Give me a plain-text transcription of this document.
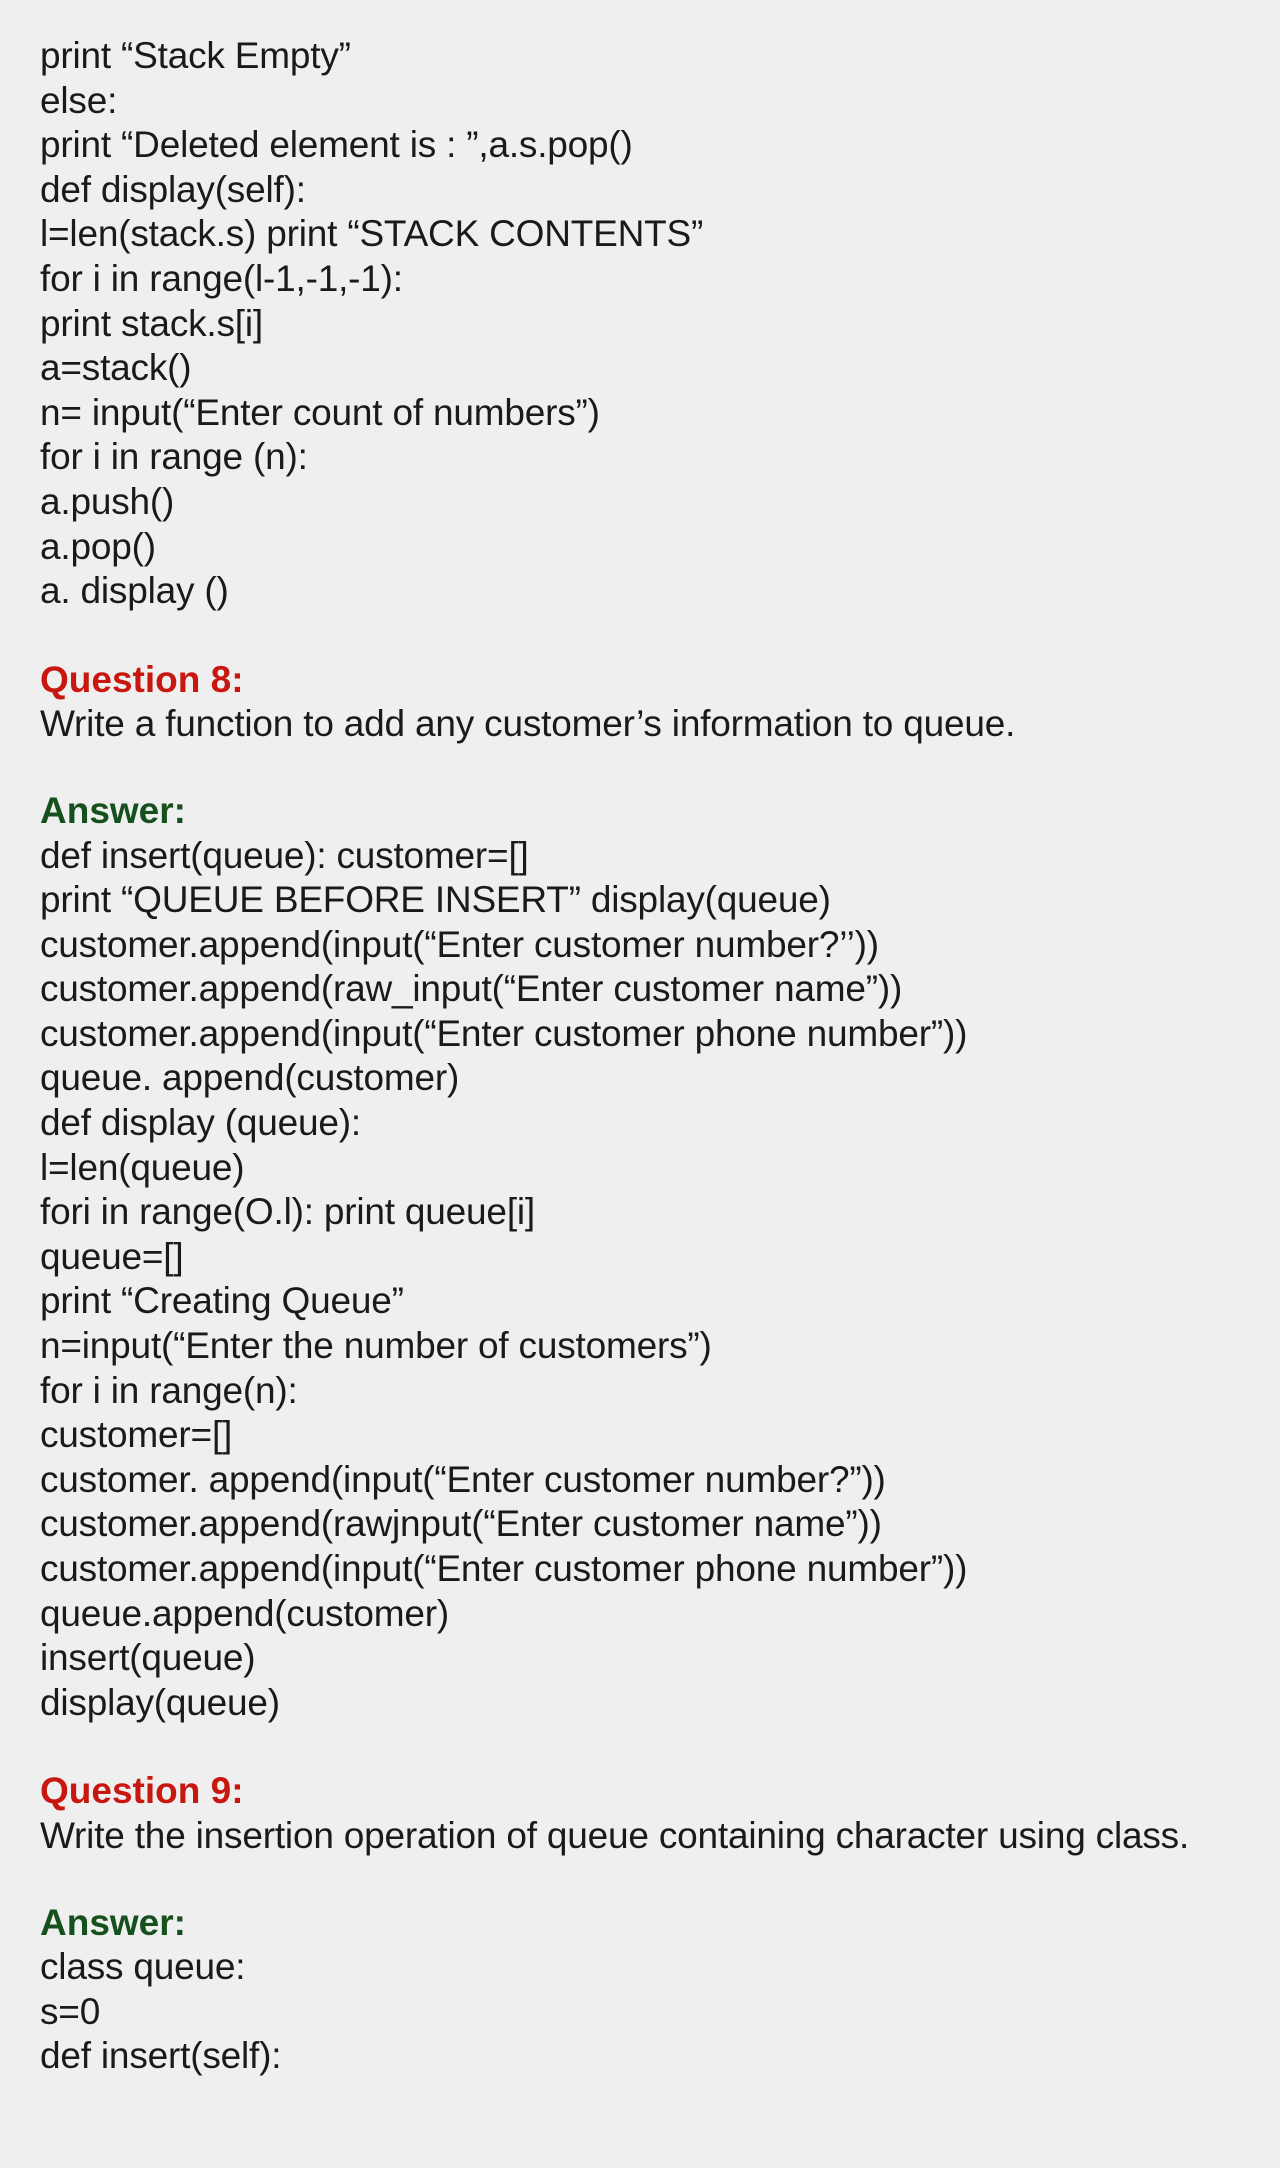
print “Stack Empty”
else:
print “Deleted element is : ”,a.s.pop()
def display(self):
l=len(stack.s) print “STACK CONTENTS”
for i in range(l-1,-1,-1):
print stack.s[i]
a=stack()
n= input(“Enter count of numbers”)
for i in range (n):
a.push()
a.pop()
a. display ()
Question 8:
Write a function to add any customer’s information to queue.
Answer:
def insert(queue): customer=[]
print “QUEUE BEFORE INSERT” display(queue)
customer.append(input(“Enter customer number?’’))
customer.append(raw_input(“Enter customer name”))
customer.append(input(“Enter customer phone number”))
queue. append(customer)
def display (queue):
l=len(queue)
fori in range(O.l): print queue[i]
queue=[]
print “Creating Queue”
n=input(“Enter the number of customers”)
for i in range(n):
customer=[]
customer. append(input(“Enter customer number?”))
customer.append(rawjnput(“Enter customer name”))
customer.append(input(“Enter customer phone number”))
queue.append(customer)
insert(queue)
display(queue)
Question 9:
Write the insertion operation of queue containing character using class.
Answer:
class queue:
s=0
def insert(self):
